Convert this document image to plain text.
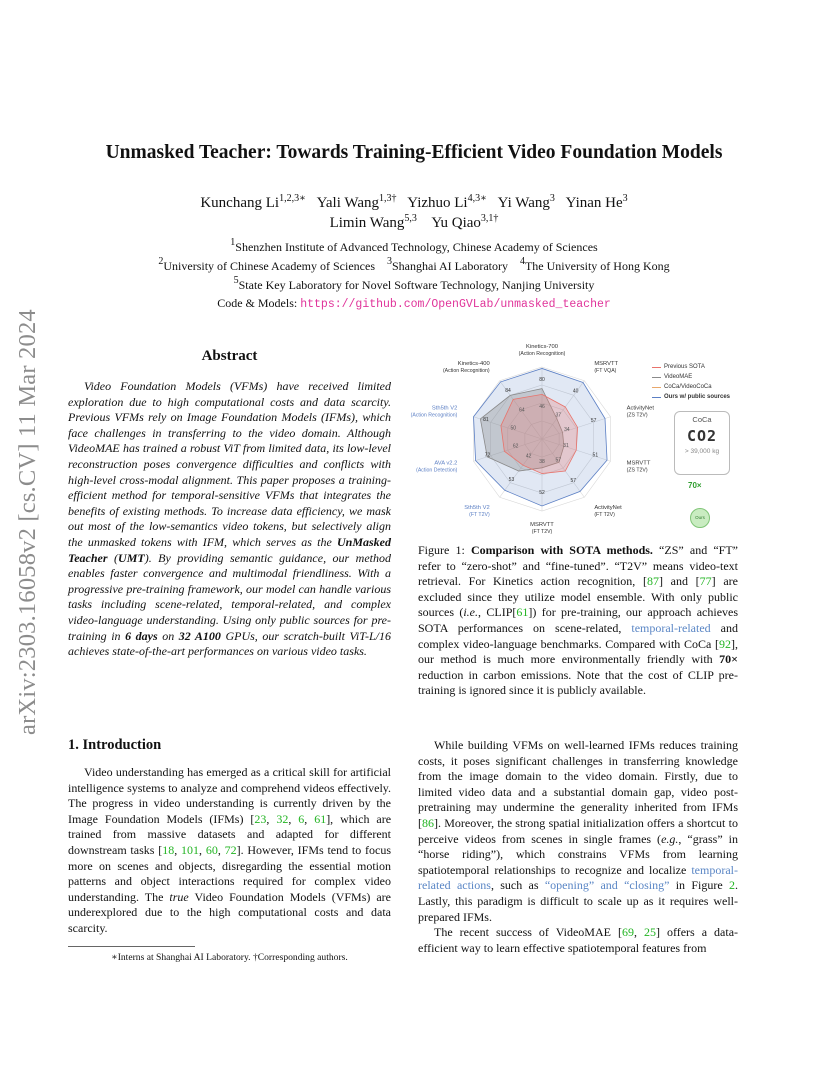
arXiv:2303.16058v2 [cs.CV] 11 Mar 2024
Unmasked Teacher: Towards Training-Efficient Video Foundation Models
Kunchang $Li^{1,2,3∗}$ Yali Wang$^{1,3\dagger}$ Yizhuo $Li^{4,3∗}$ Yi Wang$^3$ Yinan He$^3$
Limin Wang$^{5,3}$ Yu Qiao$^{3,1\dagger}$
$^1$Shenzhen Institute of Advanced Technology, Chinese Academy of Sciences
$^2$University of Chinese Academy of Sciences $^3$Shanghai AI Laboratory $^4$The University of Hong Kong
$^5$State Key Laboratory for Novel Software Technology, Nanjing University
Code & Models: https://github.com/OpenGVLab/unmasked_teacher
Abstract

Video Foundation Models (VFMs) have received limited exploration due to high computational costs and data scarcity. Previous VFMs rely on Image Foundation Models (IFMs), which face challenges in transferring to the video domain. Although VideoMAE has trained a robust ViT from limited data, its low-level reconstruction poses convergence difficulties and conflicts with high-level cross-modal alignment. This paper proposes a training-efficient method for temporal-sensitive VFMs that integrates the benefits of existing methods. To increase data efficiency, we mask out most of the low-semantics video tokens, but selectively align the unmasked tokens with IFM, which serves as the UnMasked Teacher (UMT). By providing semantic guidance, our method enables faster convergence and multimodal friendliness. With a progressive pre-training framework, our model can handle various tasks including scene-related, temporal-related, and complex video-language understanding. Using only public sources for pre-training in 6 days on 32 A100 GPUs, our scratch-built ViT-L/16 achieves state-of-the-art performances on various video tasks.

1. Introduction

Video understanding has emerged as a critical skill for artificial intelligence systems to analyze and comprehend videos effectively. The progress in video understanding is currently driven by the Image Foundation Models (IFMs) [23, 32, 6, 61], which are trained from massive datasets and adapted for different downstream tasks [18, 101, 60, 72]. However, IFMs tend to focus more on scenes and objects, disregarding the essential motion patterns and object interactions required for complex video understanding. The true Video Foundation Models (VFMs) are underexplored due to the high computational costs and data scarcity.

∗Interns at Shanghai AI Laboratory. †Corresponding authors.
80
40
57
51
57
52
53
72
81
84
46
37
34
31
57
38
42
62
50
64
Kinetics-700
(Action Recognition)
MSRVTT
(FT VQA)
ActivityNet
(ZS T2V)
MSRVTT
(ZS T2V)
ActivityNet
(FT T2V)
MSRVTT
(FT T2V)
Sth5th V2
(FT T2V)
AVA v2.2
(Action Detection)
Sth5th V2
(Action Recognition)
Kinetics-400
(Action Recognition)
Previous SOTA
VideoMAE
CoCa/VideoCoCa
Ours w/ public sources
CoCa
CO2
> 39,000 kg
70×
Ours
Figure 1: Comparison with SOTA methods. “ZS” and “FT” refer to “zero-shot” and “fine-tuned”. “T2V” means video-text retrieval. For Kinetics action recognition, [87] and [77] are excluded since they utilize model ensemble. With only public sources (i.e., CLIP[61]) for pre-training, our approach achieves SOTA performances on scene-related, temporal-related and complex video-language benchmarks. Compared with CoCa [92], our method is much more environmentally friendly with 70× reduction in carbon emissions. Note that the cost of CLIP pre-training is ignored since it is publicly available.

While building VFMs on well-learned IFMs reduces training costs, it poses significant challenges in transferring knowledge from the image domain to the video domain. Firstly, due to limited video data and a substantial domain gap, video post-pretraining may undermine the generality inherited from IFMs [86]. Moreover, the strong spatial initialization offers a shortcut to perceive videos from scenes in single frames (e.g., “grass” in “horse riding”), which constrains VFMs from learning spatiotemporal relationships to recognize and localize temporal-related actions, such as “opening” and “closing” in Figure 2. Lastly, this paradigm is difficult to scale up as it requires well-prepared IFMs.

The recent success of VideoMAE [69, 25] offers a data-efficient way to learn effective spatiotemporal features from
